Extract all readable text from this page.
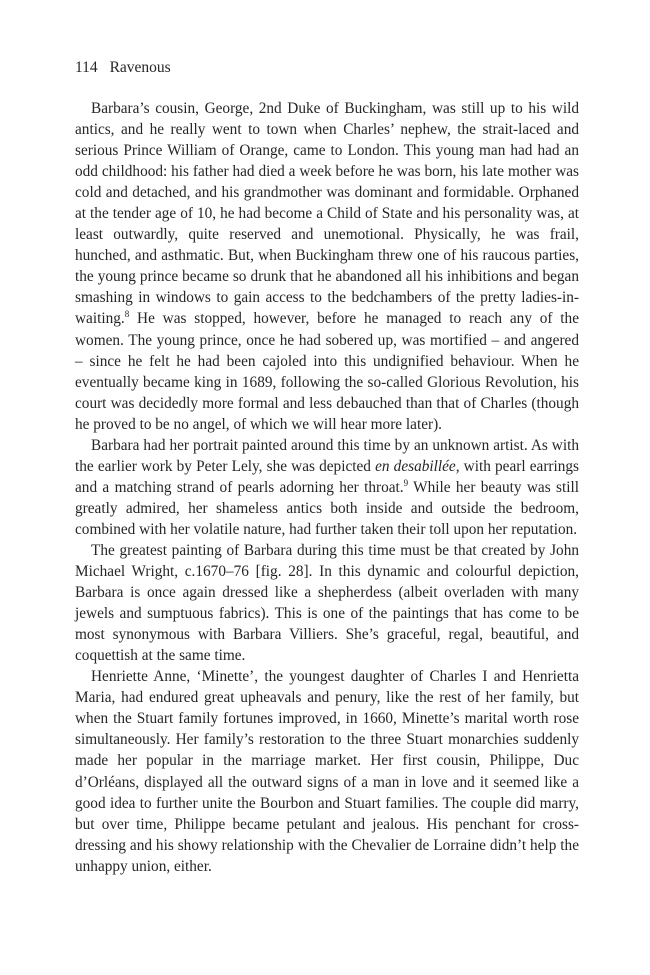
114 Ravenous

Barbara’s cousin, George, 2nd Duke of Buckingham, was still up to his wild antics, and he really went to town when Charles’ nephew, the strait-laced and serious Prince William of Orange, came to London. This young man had had an odd childhood: his father had died a week before he was born, his late mother was cold and detached, and his grandmother was dominant and formidable. Orphaned at the tender age of 10, he had become a Child of State and his personality was, at least outwardly, quite reserved and unemotional. Physically, he was frail, hunched, and asthmatic. But, when Buckingham threw one of his raucous parties, the young prince became so drunk that he abandoned all his inhibitions and began smashing in windows to gain access to the bedchambers of the pretty ladies-in-waiting.$^8$ He was stopped, however, before he managed to reach any of the women. The young prince, once he had sobered up, was mortified – and angered – since he felt he had been cajoled into this undignified behaviour. When he eventually became king in 1689, following the so-called Glorious Revolution, his court was decidedly more formal and less debauched than that of Charles (though he proved to be no angel, of which we will hear more later).

Barbara had her portrait painted around this time by an unknown artist. As with the earlier work by Peter Lely, she was depicted en desabillée, with pearl earrings and a matching strand of pearls adorning her throat.$^9$ While her beauty was still greatly admired, her shameless antics both inside and outside the bedroom, combined with her volatile nature, had further taken their toll upon her reputation.

The greatest painting of Barbara during this time must be that created by John Michael Wright, c.1670–76 [fig. 28]. In this dynamic and colourful depiction, Barbara is once again dressed like a shepherdess (albeit overladen with many jewels and sumptuous fabrics). This is one of the paintings that has come to be most synonymous with Barbara Villiers. She’s graceful, regal, beautiful, and coquettish at the same time.

Henriette Anne, ‘Minette’, the youngest daughter of Charles I and Henrietta Maria, had endured great upheavals and penury, like the rest of her family, but when the Stuart family fortunes improved, in 1660, Minette’s marital worth rose simultaneously. Her family’s restoration to the three Stuart monarchies suddenly made her popular in the marriage market. Her first cousin, Philippe, Duc d’Orléans, displayed all the outward signs of a man in love and it seemed like a good idea to further unite the Bourbon and Stuart families. The couple did marry, but over time, Philippe became petulant and jealous. His penchant for cross-dressing and his showy relationship with the Chevalier de Lorraine didn’t help the unhappy union, either.
